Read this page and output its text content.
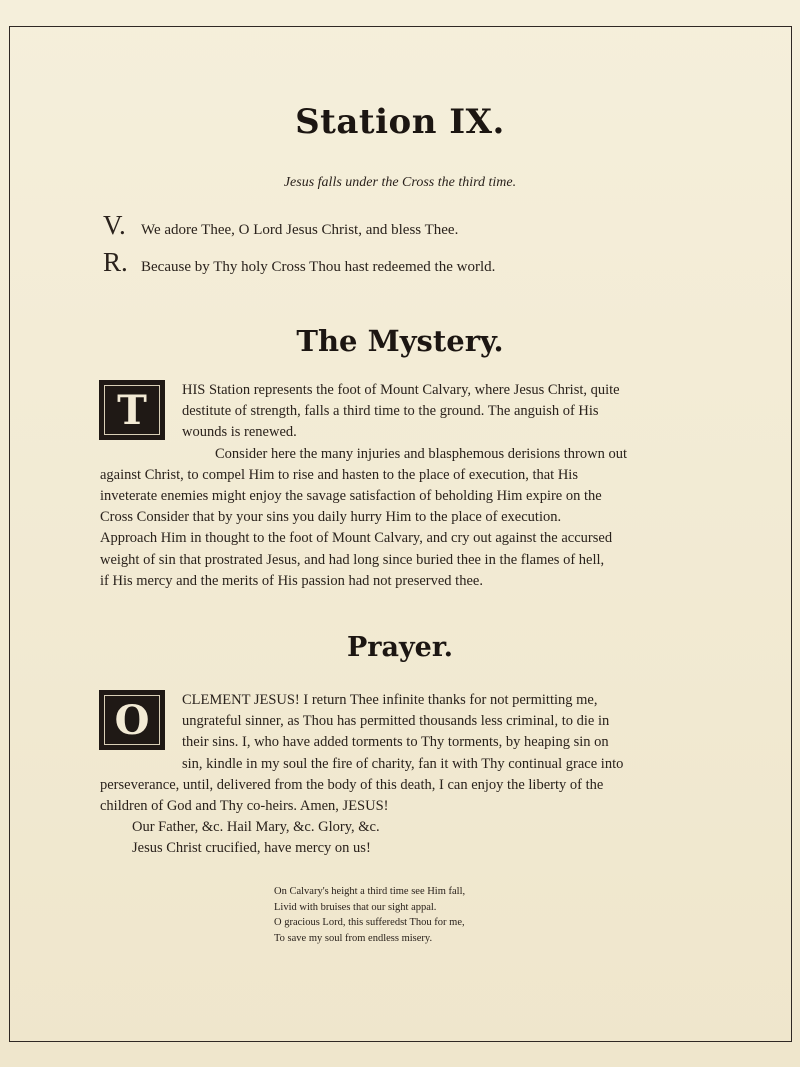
Station IX.
Jesus falls under the Cross the third time.
V.	We adore Thee, O Lord Jesus Christ, and bless Thee.
R. Because by Thy holy Cross Thou hast redeemed the world.
The Mystery.
T	HIS Station represents the foot of Mount Calvary, where Jesus Christ, quite
destitute of strength, falls a third time to the ground. The anguish of His
wounds is renewed.
Consider here the many injuries and blasphemous derisions thrown out
against Christ, to compel Him to rise and hasten to the place of execution, that His
inveterate enemies might enjoy the savage satisfaction of beholding Him expire on the
Cross Consider that by your sins you daily hurry Him to the place of execution.
Approach Him in thought to the foot of Mount Calvary, and cry out against the accursed
weight of sin that prostrated Jesus, and had long since buried thee in the flames of hell,
if His mercy and the merits of His passion had not preserved thee.
Prayer.
O	CLEMENT JESUS! I return Thee infinite thanks for not permitting me,
ungrateful sinner, as Thou has permitted thousands less criminal, to die in
their sins. I, who have added torments to Thy torments, by heaping sin on
sin, kindle in my soul the fire of charity, fan it with Thy continual grace into
perseverance, until, delivered from the body of this death, I can enjoy the liberty of the
children of God and Thy co-heirs. Amen, JESUS!
Our Father, &c. Hail Mary, &c. Glory, &c.
Jesus Christ crucified, have mercy on us!
On Calvary's height a third time see Him fall,
Livid with bruises that our sight appal.
O gracious Lord, this sufferedst Thou for me,
To save my soul from endless misery.
